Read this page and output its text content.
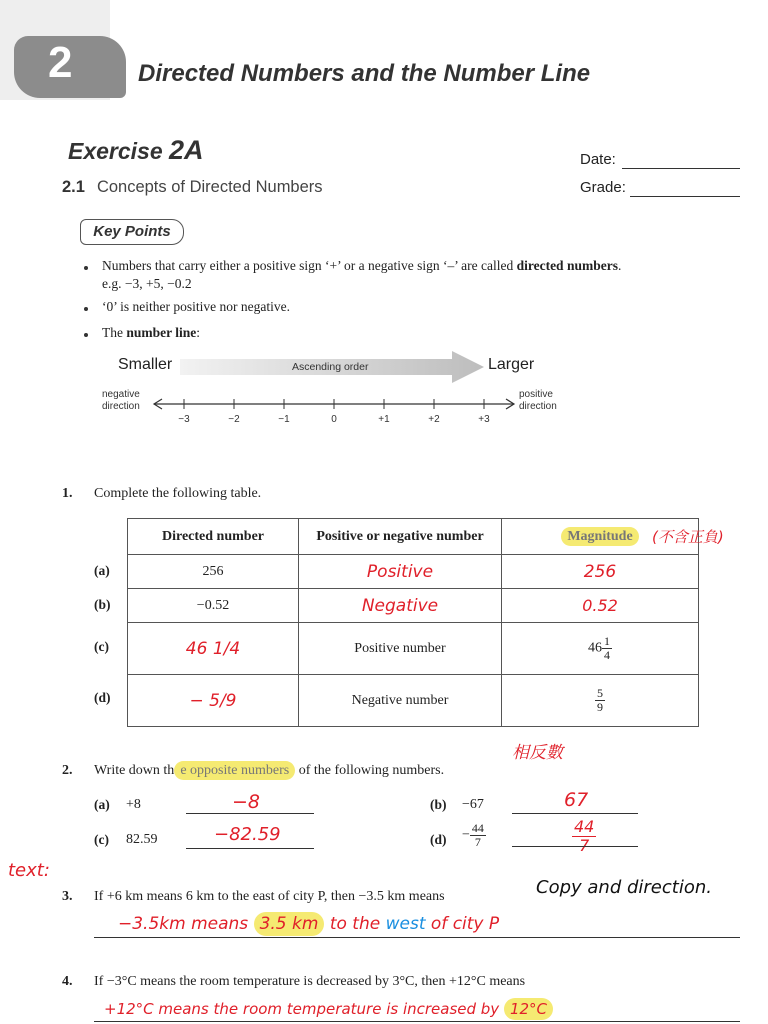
2	Directed Numbers and the Number Line
Exercise 2A
2.1 Concepts of Directed Numbers
Date:
Grade:
Key Points
Numbers that carry either a positive sign ‘+’ or a negative sign ‘–’ are called directed numbers.
e.g. −3, +5, −0.2
‘0’ is neither positive nor negative.
The number line:
Smaller	Ascending order	Larger
negative
direction
positive
direction
−3	−2	−1	0	+1	+2	+3
1. Complete the following table.
Directed number	Positive or negative number	Magnitude
256	Positive	256
−0.52	Negative	0.52
46 1/4	Positive number	$46 \frac{1}{4}$

− 5/9	Negative number	$\frac{5}{9}$
(不含正負)
(a)
(b)
(c)
(d)
相反數
2. Write down th e opposite numbers of the following numbers.
(a) +8	−8	(b) −67	67
(c) 82.59	−82.59	$(d) - \frac{44}{7}$	$\frac{44}{7}$
text:
3. If +6 km means 6 km to the east of city P, then −3.5 km means	Copy and direction.
−3.5km means 3.5 km to the west of city P
4. If −3°C means the room temperature is decreased by 3°C, then +12°C means
+12°C means the room temperature is increased by 12°C
